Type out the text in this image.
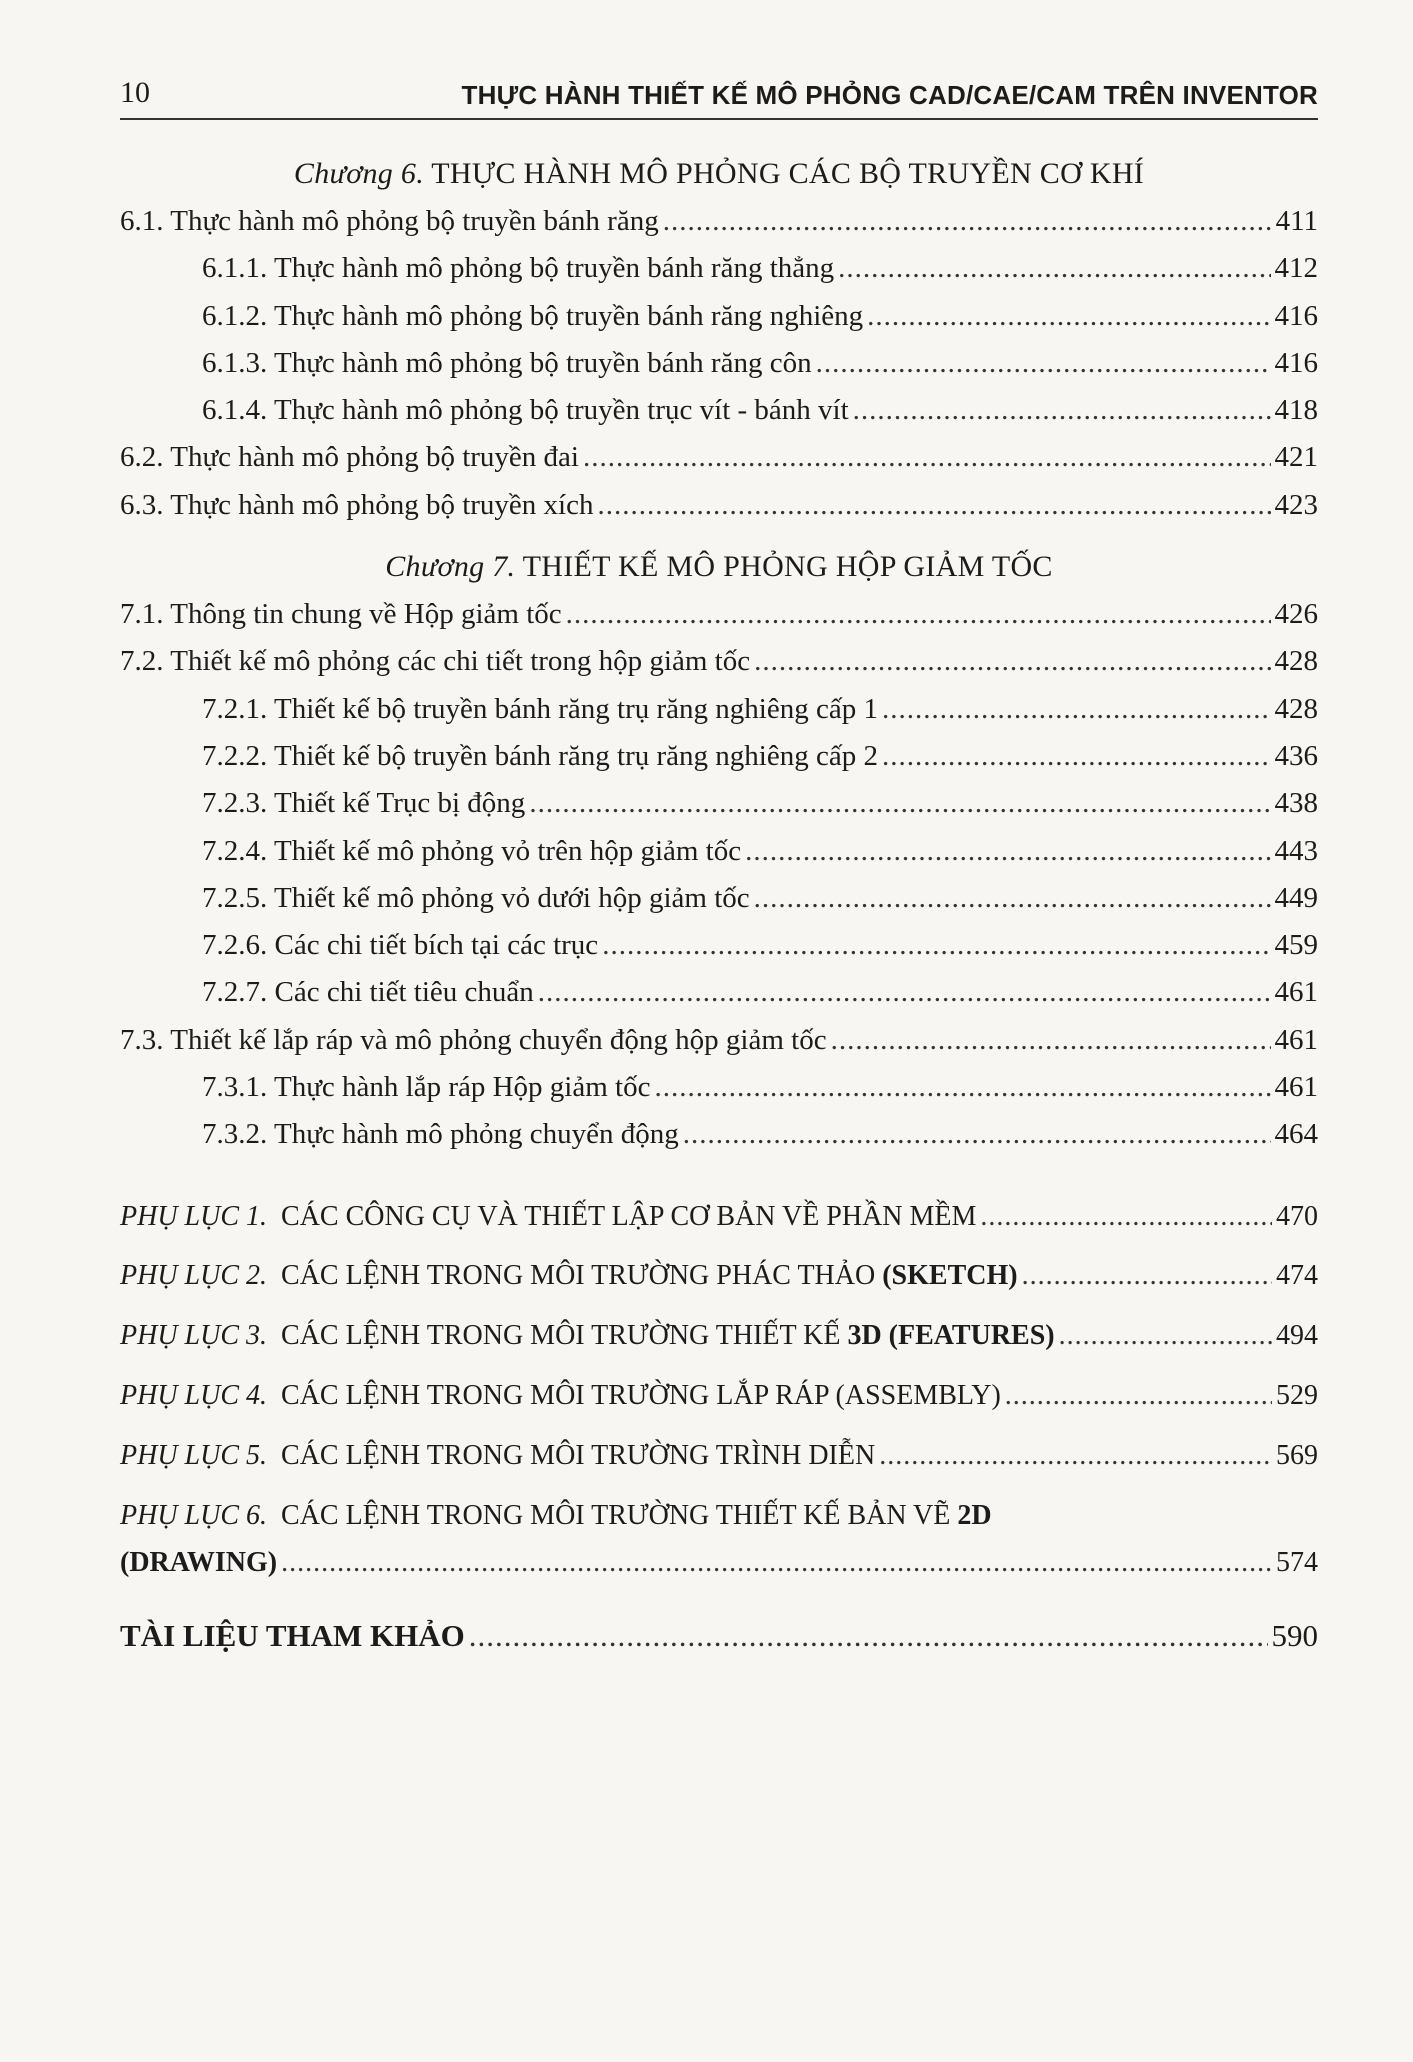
10	THỰC HÀNH THIẾT KẾ MÔ PHỎNG CAD/CAE/CAM TRÊN INVENTOR
Chương 6. THỰC HÀNH MÔ PHỎNG CÁC BỘ TRUYỀN CƠ KHÍ
6.1. Thực hành mô phỏng bộ truyền bánh răng .....	411
6.1.1. Thực hành mô phỏng bộ truyền bánh răng thẳng .....	412
6.1.2. Thực hành mô phỏng bộ truyền bánh răng nghiêng .....	416
6.1.3. Thực hành mô phỏng bộ truyền bánh răng côn .....	416
6.1.4. Thực hành mô phỏng bộ truyền trục vít - bánh vít .....	418
6.2. Thực hành mô phỏng bộ truyền đai .....	421
6.3. Thực hành mô phỏng bộ truyền xích .....	423
Chương 7. THIẾT KẾ MÔ PHỎNG HỘP GIẢM TỐC
7.1. Thông tin chung về Hộp giảm tốc .....	426
7.2. Thiết kế mô phỏng các chi tiết trong hộp giảm tốc .....	428
7.2.1. Thiết kế bộ truyền bánh răng trụ răng nghiêng cấp 1 .....	428
7.2.2. Thiết kế bộ truyền bánh răng trụ răng nghiêng cấp 2 .....	436
7.2.3. Thiết kế Trục bị động .....	438
7.2.4. Thiết kế mô phỏng vỏ trên hộp giảm tốc .....	443
7.2.5. Thiết kế mô phỏng vỏ dưới hộp giảm tốc .....	449
7.2.6. Các chi tiết bích tại các trục .....	459
7.2.7. Các chi tiết tiêu chuẩn .....	461
7.3. Thiết kế lắp ráp và mô phỏng chuyển động hộp giảm tốc .....	461
7.3.1. Thực hành lắp ráp Hộp giảm tốc .....	461
7.3.2. Thực hành mô phỏng chuyển động .....	464
PHỤ LỤC 1. CÁC CÔNG CỤ VÀ THIẾT LẬP CƠ BẢN VỀ PHẦN MỀM .....	470
PHỤ LỤC 2. CÁC LỆNH TRONG MÔI TRƯỜNG PHÁC THẢO (SKETCH) .....	474
PHỤ LỤC 3. CÁC LỆNH TRONG MÔI TRƯỜNG THIẾT KẾ 3D (FEATURES) .....	494
PHỤ LỤC 4. CÁC LỆNH TRONG MÔI TRƯỜNG LẮP RÁP (ASSEMBLY) .....	529
PHỤ LỤC 5. CÁC LỆNH TRONG MÔI TRƯỜNG TRÌNH DIỄN .....	569
PHỤ LỤC 6. CÁC LỆNH TRONG MÔI TRƯỜNG THIẾT KẾ BẢN VẼ 2D
(DRAWING) .....	574
TÀI LIỆU THAM KHẢO .....	590
